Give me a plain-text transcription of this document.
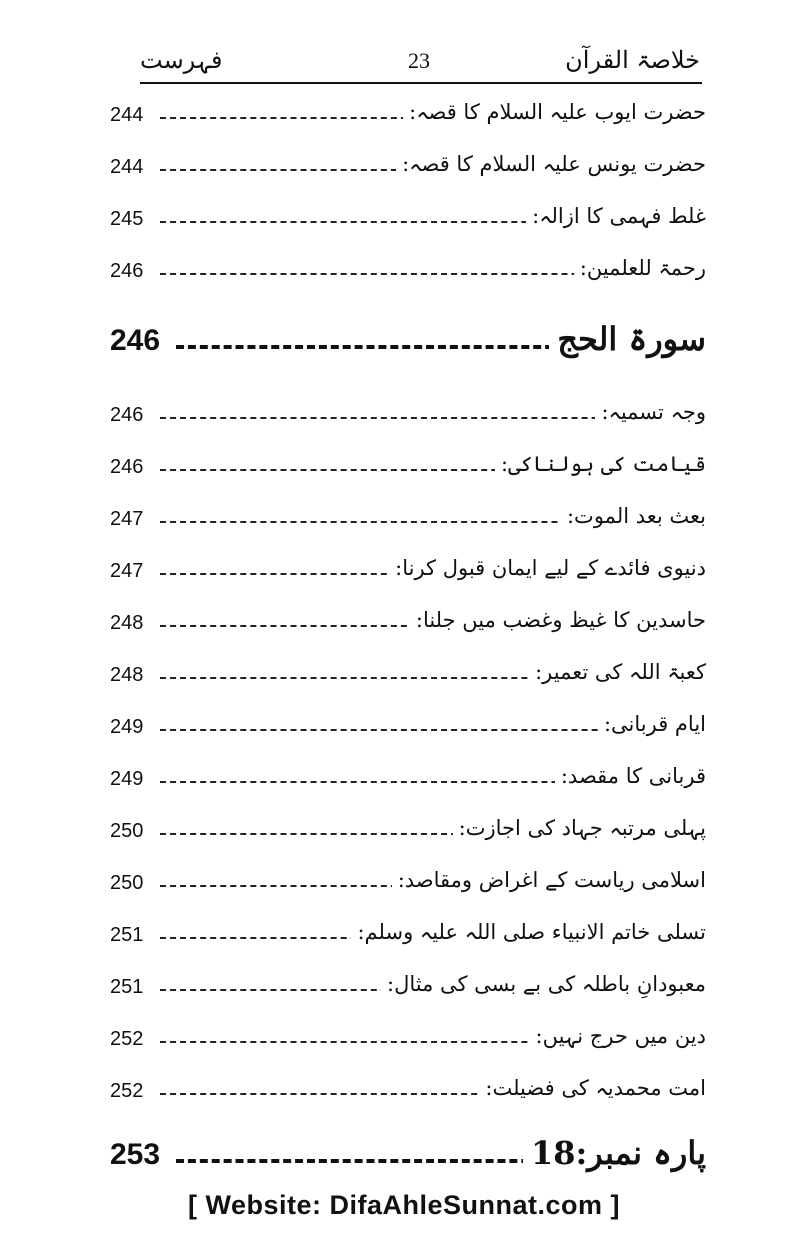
خلاصۃ القرآن
23
فہرست
244	حضرت ایوب علیہ السلام کا قصہ:
244	حضرت یونس علیہ السلام کا قصہ:
245	غلط فہمی کا ازالہ:
246	رحمۃ للعلمین:
246	سورۃ الحج
246	وجہ تسمیہ:
246	قیامت کی ہولناکی:
247	بعث بعد الموت:
247	دنیوی فائدے کے لیے ایمان قبول کرنا:
248	حاسدین کا غیظ وغضب میں جلنا:
248	کعبۃ اللہ کی تعمیر:
249	ایام قربانی:
249	قربانی کا مقصد:
250	پہلی مرتبہ جہاد کی اجازت:
250	اسلامی ریاست کے اغراض ومقاصد:
251	تسلی خاتم الانبیاء صلی اللہ علیہ وسلم:
251	معبودانِ باطلہ کی بے بسی کی مثال:
252	دین میں حرج نہیں:
252	امت محمدیہ کی فضیلت:
253	پارہ نمبر:18
[ Website: DifaAhleSunnat.com ]
